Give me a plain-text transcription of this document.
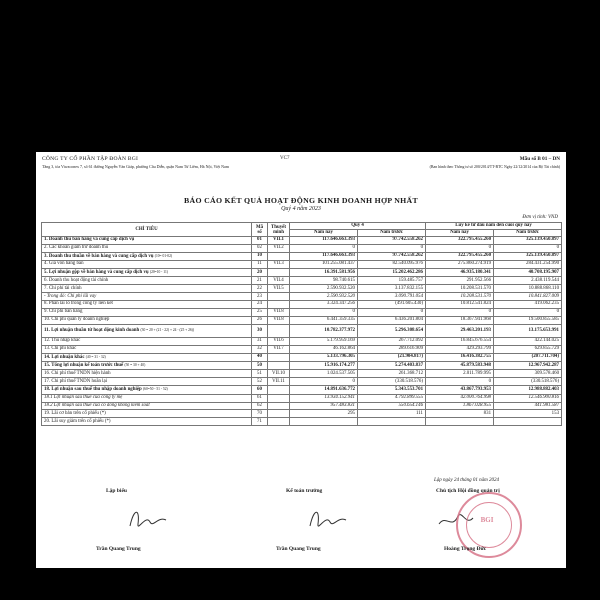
CÔNG TY CỔ PHẦN TẬP ĐOÀN BGI
Tầng 3, tòa Viwaconex 7, số 61 đường Nguyễn Văn Giáp, phường Cầu Diễn, quận Nam Từ Liêm, Hà Nội, Việt Nam
VC7	Mẫu số B 01 – DN
(Ban hành theo Thông tư số 200/2014/TT-BTC Ngày 22/12/2014 của Bộ Tài chính)
BÁO CÁO KẾT QUẢ HOẠT ĐỘNG KINH DOANH HỢP NHẤT
Quý 4 năm 2023
Đơn vị tính: VND
CHỈ TIÊU	Mã số	Thuyết minh	Quý 4		Lũy kế từ đầu năm đến cuối quý này	
			Năm nay	Năm trước	Năm nay	Năm trước
1. Doanh thu bán hàng và cung cấp dịch vụ	01	VII.1	117.646.663.393	97.742.558.262	322.795.455.260	325.139.450.897
2. Các khoản giảm trừ doanh thu	02	VII.2	0	0	0	0
3. Doanh thu thuần về bán hàng và cung cấp dịch vụ (10= 01-02)	10		117.646.663.393	97.742.558.262	322.795.455.260	325.139.450.897
4. Giá vốn hàng bán	11	VII.3	101.255.081.437	82.540.095.976	275.860.274.919	284.431.254.990
5. Lợi nhuận gộp về bán hàng và cung cấp dịch vụ (20=10 - 11)	20		16.391.581.956	15.202.462.286	46.935.180.341	40.708.195.907
6. Doanh thu hoạt động tài chính	21	VII.4	98.740.615	159.485.757	291.952.566	2.438.119.544
7. Chi phí tài chính	22	VII.5	2.590.932.520	3.137.832.155	10.208.531.570	10.888.868.110
- Trong đó: Chi phí lãi vay	23		2.590.932.520	3.090.791.054	10.208.531.570	10.841.827.009
8. Phần lãi lỗ trong công ty liên kết	24		3.324.347.256	(491.605.430)	10.812.541.824	419.062.235
9. Chi phí bán hàng	25	VII.8	0	0	0	0
10. Chi phí quản lý doanh nghiệp	26	VII.8	6.441.359.335	6.436.201.804	18.367.941.968	19.500.855.585
11. Lợi nhuận thuần từ hoạt động kinh doanh (30 = 20 + (21 - 22) + 24 - (25 + 26))	30		10.782.377.972	5.296.308.654	29.463.201.193	13.175.653.991
12. Thu nhập khác	31	VII.6	5.179.959.169	267.712.092	16.845.676.554	422.144.025
13. Chi phí khác	32	VII.7	46.162.864	289.616.909	429.293.799	629.855.729
14. Lợi nhuận khác (40 = 31 - 32)	40		5.133.796.305	(21.904.817)	16.416.382.755	(207.711.704)
15. Tổng lợi nhuận kế toán trước thuế (50 = 30 + 40)	50		15.916.174.277	5.274.403.837	45.879.583.948	12.967.942.287
16. Chi phí thuế TNDN hiện hành	51	VII.10	1.024.537.505	261.368.712	2.011.789.995	309.578.460
17. Chi phí thuế TNDN hoãn lại	52	VII.11	0	(330.518.576)	0	(330.518.576)
18. Lợi nhuận sau thuế thu nhập doanh nghiệp (60=50 - 51 - 52)	60		14.891.636.772	5.343.553.701	43.867.793.953	12.988.882.403
18.1 Lợi nhuận sau thuế của công ty mẹ	61		13.934.152.941	4.792.899.555	42.000.764.998	12.546.900.816
18.2 Lợi nhuận sau thuế của cổ đông không kiểm soát	62		957.483.831	550.654.146	1.867.028.955	441.981.587
19. Lãi cơ bản trên cổ phiếu (*)	70		295	111	831	153
20. Lãi suy giảm trên cổ phiếu (*)	71					
Lập biểu	Kế toán trưởng
Lập ngày 24 tháng 01 năm 2024
Chủ tịch Hội đồng quản trị
BGI
Trần Quang Trung	Trần Quang Trung	Hoàng Trọng Đức
